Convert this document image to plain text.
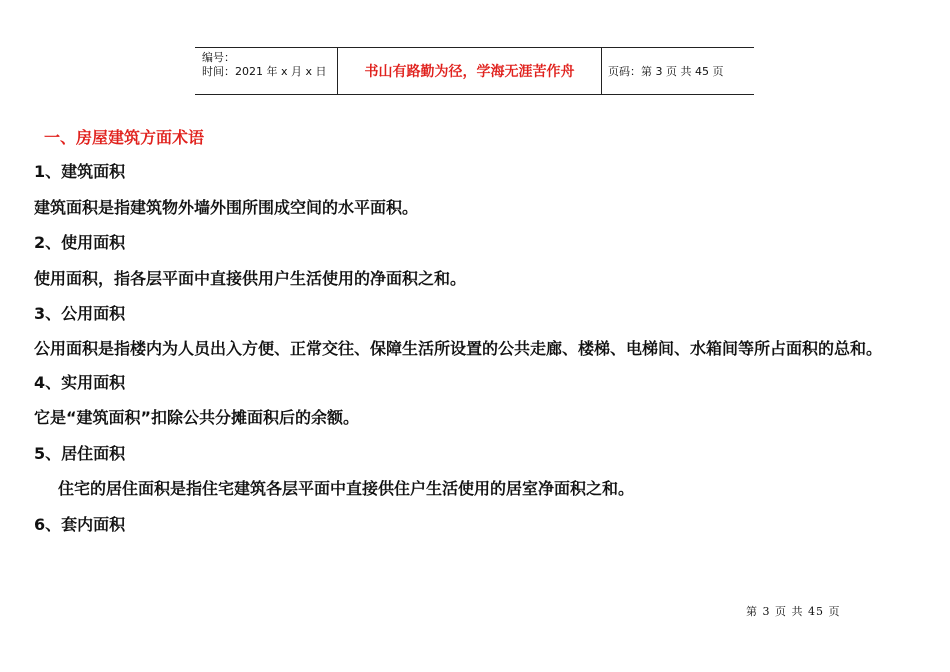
编号：
时间：2021 年 x 月 x 日	书山有路勤为径，学海无涯苦作舟	页码：第 3 页 共 45 页
一、房屋建筑方面术语
1、建筑面积
建筑面积是指建筑物外墙外围所围成空间的水平面积。
2、使用面积
使用面积，指各层平面中直接供用户生活使用的净面积之和。
3、公用面积
公用面积是指楼内为人员出入方便、正常交往、保障生活所设置的公共走廊、楼梯、电梯间、水箱间等所占面积的总和。
4、实用面积
它是“建筑面积”扣除公共分摊面积后的余额。
5、居住面积
住宅的居住面积是指住宅建筑各层平面中直接供住户生活使用的居室净面积之和。
6、套内面积
第 3 页 共 45 页
